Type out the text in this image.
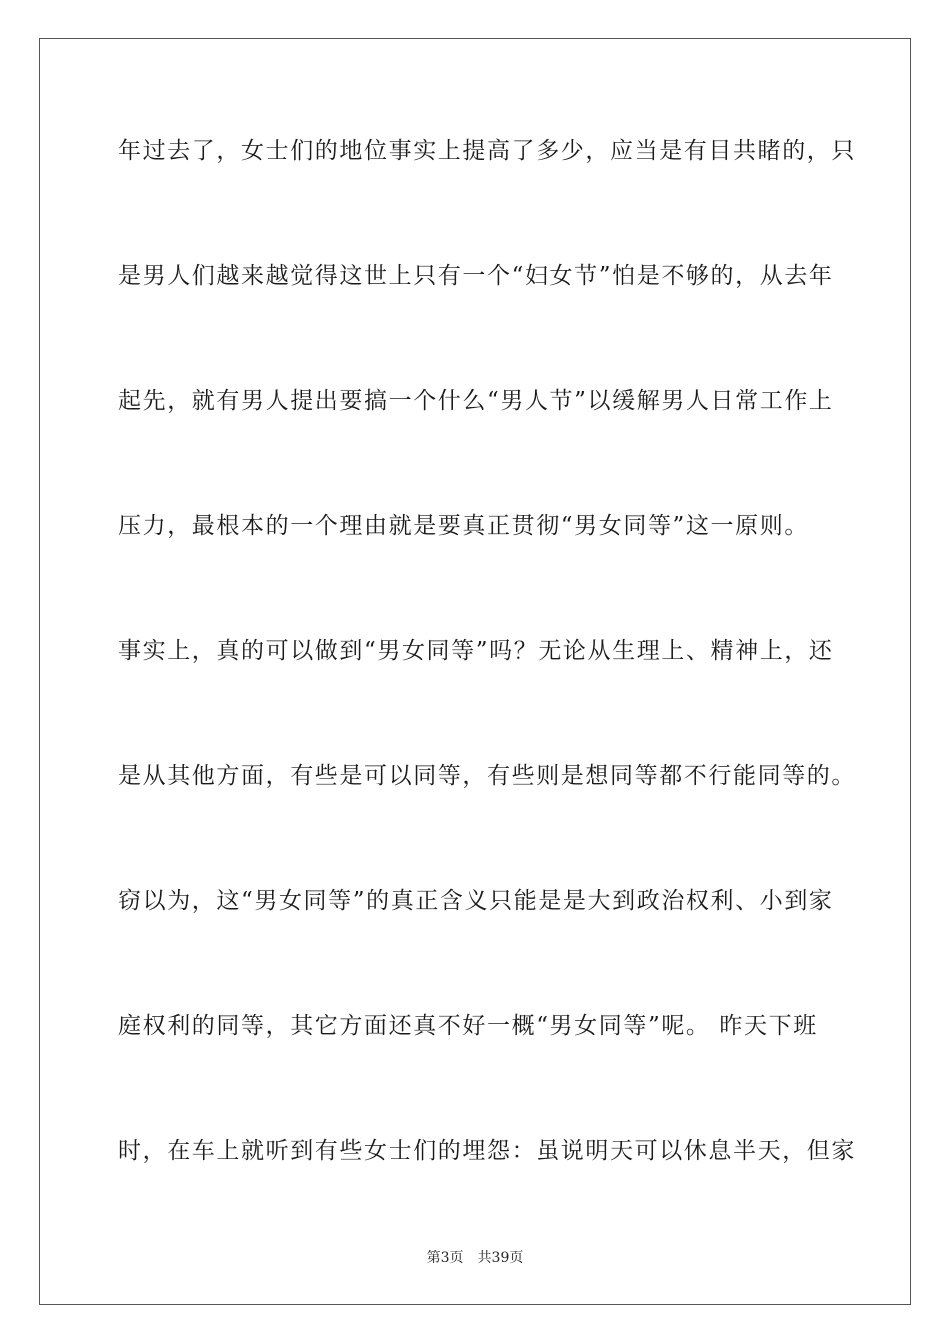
年过去了，女士们的地位事实上提高了多少，应当是有目共睹的，只
是男人们越来越觉得这世上只有一个“妇女节”怕是不够的，从去年
起先，就有男人提出要搞一个什么“男人节”以缓解男人日常工作上
压力，最根本的一个理由就是要真正贯彻“男女同等”这一原则。
事实上，真的可以做到“男女同等”吗？无论从生理上、精神上，还
是从其他方面，有些是可以同等，有些则是想同等都不行能同等的。
窃以为，这“男女同等”的真正含义只能是是大到政治权利、小到家
庭权利的同等，其它方面还真不好一概“男女同等”呢。 昨天下班
时，在车上就听到有些女士们的埋怨：虽说明天可以休息半天，但家
第3页 共39页
